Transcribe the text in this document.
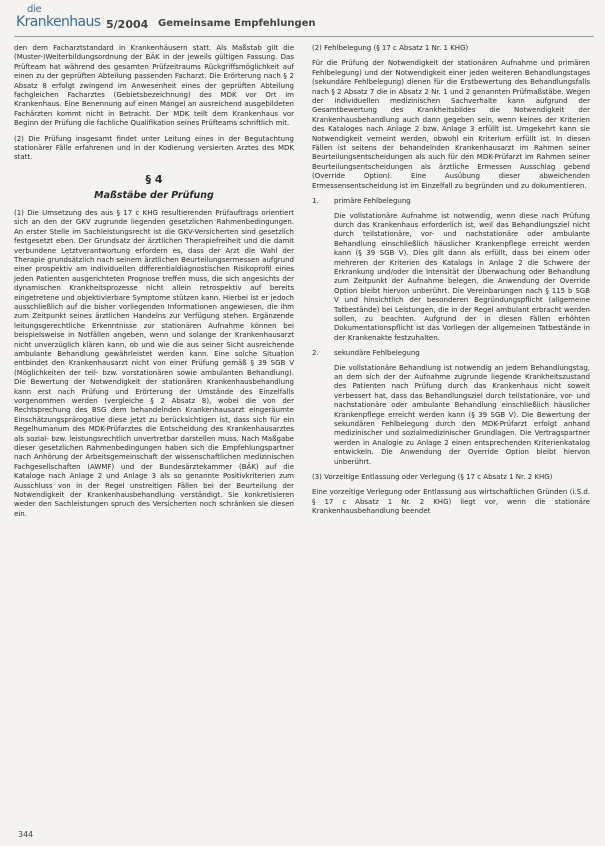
die
Krankenhaus 5/2004 Gemeinsame Empfehlungen

den dem Facharztstandard in Krankenhäusern statt. Als Maßstab gilt die (Muster-)Weiterbildungsordnung der BÄK in der jeweils gültigen Fassung. Das Prüfteam hat während des gesamten Prüfzeitraums Rückgriffsmöglichkeit auf einen zu der geprüften Abteilung passenden Facharzt. Die Erörterung nach § 2 Absatz 8 erfolgt zwingend im Anwesenheit eines der geprüften Abteilung fachgleichen Facharztes (Gebietsbezeichnung) des MDK vor Ort im Krankenhaus. Eine Benennung auf einen Mangel an ausreichend ausgebildeten Fachärzten kommt nicht in Betracht. Der MDK teilt dem Krankenhaus vor Beginn der Prüfung die fachliche Qualifikation seines Prüfteams schriftlich mit.

(2) Die Prüfung insgesamt findet unter Leitung eines in der Begutachtung stationärer Fälle erfahrenen und in der Kodierung versierten Arztes des MDK statt.

§ 4
Maßstäbe der Prüfung

(1) Die Umsetzung des aus § 17 c KHG resultierenden Prüfauftrags orientiert sich an den der GKV zugrunde liegenden gesetzlichen Rahmenbedingungen. An erster Stelle im Sachleistungsrecht ist die GKV-Versicherten sind gesetzlich festgesetzt eben. Der Grundsatz der ärztlichen Therapiefreiheit und die damit verbundene Letztverantwortung erfordern es, dass der Arzt die Wahl der Therapie grundsätzlich nach seinem ärztlichen Beurteilungsermessen aufgrund einer prospektiv am individuellen differentialdiagnostischen Risikoprofil eines jeden Patienten ausgerichteten Prognose treffen muss, die sich angesichts der dynamischen Krankheitsprozesse nicht allein retrospektiv auf bereits eingetretene und objektivierbare Symptome stützen kann. Hierbei ist er jedoch ausschließlich auf die bisher vorliegenden Informationen angewiesen, die ihm zum Zeitpunkt seines ärztlichen Handelns zur Verfügung stehen. Ergänzende leitungsgerechtliche Erkenntnisse zur stationären Aufnahme können bei beispielsweise in Notfällen angeben, wenn und solange der Krankenhausarzt nicht unverzüglich klären kann, ob und wie die aus seiner Sicht ausreichende ambulante Behandlung gewährleistet werden kann. Eine solche Situation entbindet den Krankenhausarzt nicht von einer Prüfung gemäß § 39 SGB V (Möglichkeiten der teil- bzw. vorstationären sowie ambulanten Behandlung). Die Bewertung der Notwendigkeit der stationären Krankenhausbehandlung kann erst nach Prüfung und Erörterung der Umstände des Einzelfalls vorgenommen werden (vergleiche § 2 Absatz 8), wobei die von der Rechtsprechung des BSG dem behandelnden Krankenhausarzt eingeräumte Einschätzungsprärogative diese jetzt zu berücksichtigen ist, dass sich für ein Regelhumanum des MDK-Prüfarztes die Entscheidung des Krankenhausarztes als sozial- bzw. leistungsrechtlich unvertretbar darstellen muss. Nach Maßgabe dieser gesetzlichen Rahmenbedingungen haben sich die Empfehlungspartner nach Anhörung der Arbeitsgemeinschaft der wissenschaftlichen medizinischen Fachgesellschaften (AWMF) und der Bundesärztekammer (BÄK) auf die Kataloge nach Anlage 2 und Anlage 3 als so genannte Positivkriterien zum Ausschluss von in der Regel unstreitigen Fällen bei der Beurteilung der Notwendigkeit der Krankenhausbehandlung verständigt. Sie konkretisieren weder den Sachleistungen spruch des Versicherten noch schränken sie diesen ein.

(2) Fehlbelegung (§ 17 c Absatz 1 Nr. 1 KHG)

Für die Prüfung der Notwendigkeit der stationären Aufnahme und primären Fehlbelegung) und der Notwendigkeit einer jeden weiteren Behandlungstages (sekundäre Fehlbelegung) dienen für die Erstbewertung des Behandlungsfalls nach § 2 Absatz 7 die in Absatz 2 Nr. 1 und 2 genannten Prüfmaßstäbe. Wegen der individuellen medizinischen Sachverhalte kann aufgrund der Gesamtbewertung des Krankheitsbildes die Notwendigkeit der Krankenhausbehandlung auch dann gegeben sein, wenn keines der Kriterien des Kataloges nach Anlage 2 bzw. Anlage 3 erfüllt ist. Umgekehrt kann sie Notwendigkeit verneint werden, obwohl ein Kriterium erfüllt ist. In diesen Fällen ist seitens der behandelnden Krankenhausarzt im Rahmen seiner Beurteilungsentscheidungen als auch für den MDK-Prüfarzt im Rahmen seiner Beurteilungsentscheidungen als ärztliche Ermessen Ausschlag gebend (Override Option). Eine Ausübung dieser abweichenden Ermessensentscheidung ist im Einzelfall zu begründen und zu dokumentieren.

1.	primäre Fehlbelegung

Die vollstationäre Aufnahme ist notwendig, wenn diese nach Prüfung durch das Krankenhaus erforderlich ist, weil das Behandlungsziel nicht durch teilstationäre, vor- und nachstationäre oder ambulante Behandlung einschließlich häuslicher Krankenpflege erreicht werden kann (§ 39 SGB V). Dies gilt dann als erfüllt, dass bei einem oder mehreren der Kriterien des Katalogs in Anlage 2 die Schwere der Erkrankung und/oder die Intensität der Überwachung oder Behandlung zum Zeitpunkt der Aufnahme belegen, die Anwendung der Override Option bleibt hiervon unberührt. Die Vereinbarungen nach § 115 b SGB V und hinsichtlich der besonderen Begründungspflicht (allgemeine Tatbestände) bei Leistungen, die in der Regel ambulant erbracht werden sollen, zu beachten. Aufgrund der in diesen Fällen erhöhten Dokumentationspflicht ist das Vorliegen der allgemeinen Tatbestände in der Krankenakte festzuhalten.

2.	sekundäre Fehlbelegung

Die vollstationäre Behandlung ist notwendig an jedem Behandlungstag, an dem sich der der Aufnahme zugrunde liegende Krankheitszustand des Patienten nach Prüfung durch das Krankenhaus nicht soweit verbessert hat, dass das Behandlungsziel durch teilstationäre, vor- und nachstationäre oder ambulante Behandlung einschließlich häuslicher Krankenpflege erreicht werden kann (§ 39 SGB V). Die Bewertung der sekundären Fehlbelegung durch den MDK-Prüfarzt erfolgt anhand medizinischer und sozialmedizinischer Grundlagen. Die Vertragspartner werden in Analogie zu Anlage 2 einen entsprechenden Kriterienkatalog entwickeln. Die Anwendung der Override Option bleibt hiervon unberührt.

(3) Vorzeitige Entlassung oder Verlegung (§ 17 c Absatz 1 Nr. 2 KHG)

Eine vorzeitige Verlegung oder Entlassung aus wirtschaftlichen Gründen (i.S.d. § 17 c Absatz 1 Nr. 2 KHG) liegt vor, wenn die stationäre Krankenhausbehandlung beendet

344
